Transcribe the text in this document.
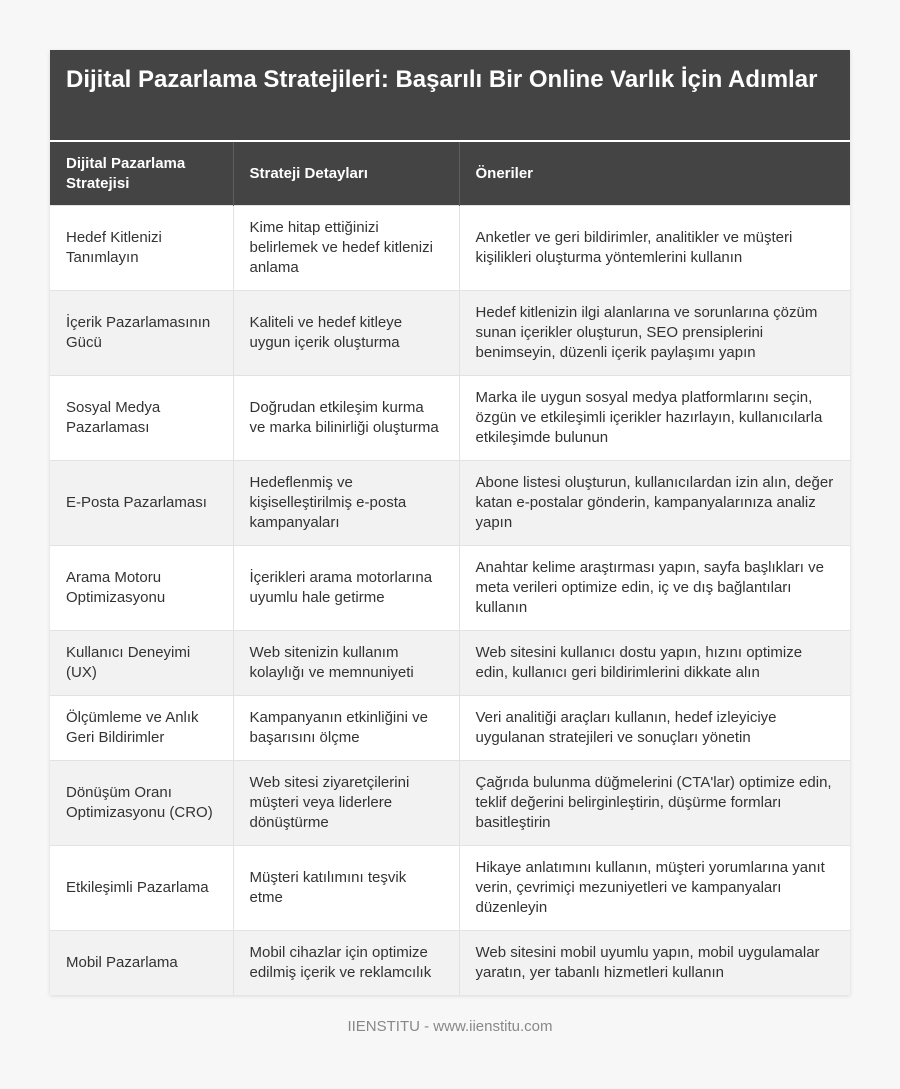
Dijital Pazarlama Stratejileri: Başarılı Bir Online Varlık İçin Adımlar
Dijital Pazarlama Stratejisi	Strateji Detayları	Öneriler
Hedef Kitlenizi Tanımlayın	Kime hitap ettiğinizi belirlemek ve hedef kitlenizi anlama	Anketler ve geri bildirimler, analitikler ve müşteri kişilikleri oluşturma yöntemlerini kullanın
İçerik Pazarlamasının Gücü	Kaliteli ve hedef kitleye uygun içerik oluşturma	Hedef kitlenizin ilgi alanlarına ve sorunlarına çözüm sunan içerikler oluşturun, SEO prensiplerini benimseyin, düzenli içerik paylaşımı yapın
Sosyal Medya Pazarlaması	Doğrudan etkileşim kurma ve marka bilinirliği oluşturma	Marka ile uygun sosyal medya platformlarını seçin, özgün ve etkileşimli içerikler hazırlayın, kullanıcılarla etkileşimde bulunun
E-Posta Pazarlaması	Hedeflenmiş ve kişiselleştirilmiş e-posta kampanyaları	Abone listesi oluşturun, kullanıcılardan izin alın, değer katan e-postalar gönderin, kampanyalarınıza analiz yapın
Arama Motoru Optimizasyonu	İçerikleri arama motorlarına uyumlu hale getirme	Anahtar kelime araştırması yapın, sayfa başlıkları ve meta verileri optimize edin, iç ve dış bağlantıları kullanın
Kullanıcı Deneyimi (UX)	Web sitenizin kullanım kolaylığı ve memnuniyeti	Web sitesini kullanıcı dostu yapın, hızını optimize edin, kullanıcı geri bildirimlerini dikkate alın
Ölçümleme ve Anlık Geri Bildirimler	Kampanyanın etkinliğini ve başarısını ölçme	Veri analitiği araçları kullanın, hedef izleyiciye uygulanan stratejileri ve sonuçları yönetin
Dönüşüm Oranı Optimizasyonu (CRO)	Web sitesi ziyaretçilerini müşteri veya liderlere dönüştürme	Çağrıda bulunma düğmelerini (CTA'lar) optimize edin, teklif değerini belirginleştirin, düşürme formları basitleştirin
Etkileşimli Pazarlama	Müşteri katılımını teşvik etme	Hikaye anlatımını kullanın, müşteri yorumlarına yanıt verin, çevrimiçi mezuniyetleri ve kampanyaları düzenleyin
Mobil Pazarlama	Mobil cihazlar için optimize edilmiş içerik ve reklamcılık	Web sitesini mobil uyumlu yapın, mobil uygulamalar yaratın, yer tabanlı hizmetleri kullanın
IIENSTITU - www.iienstitu.com
